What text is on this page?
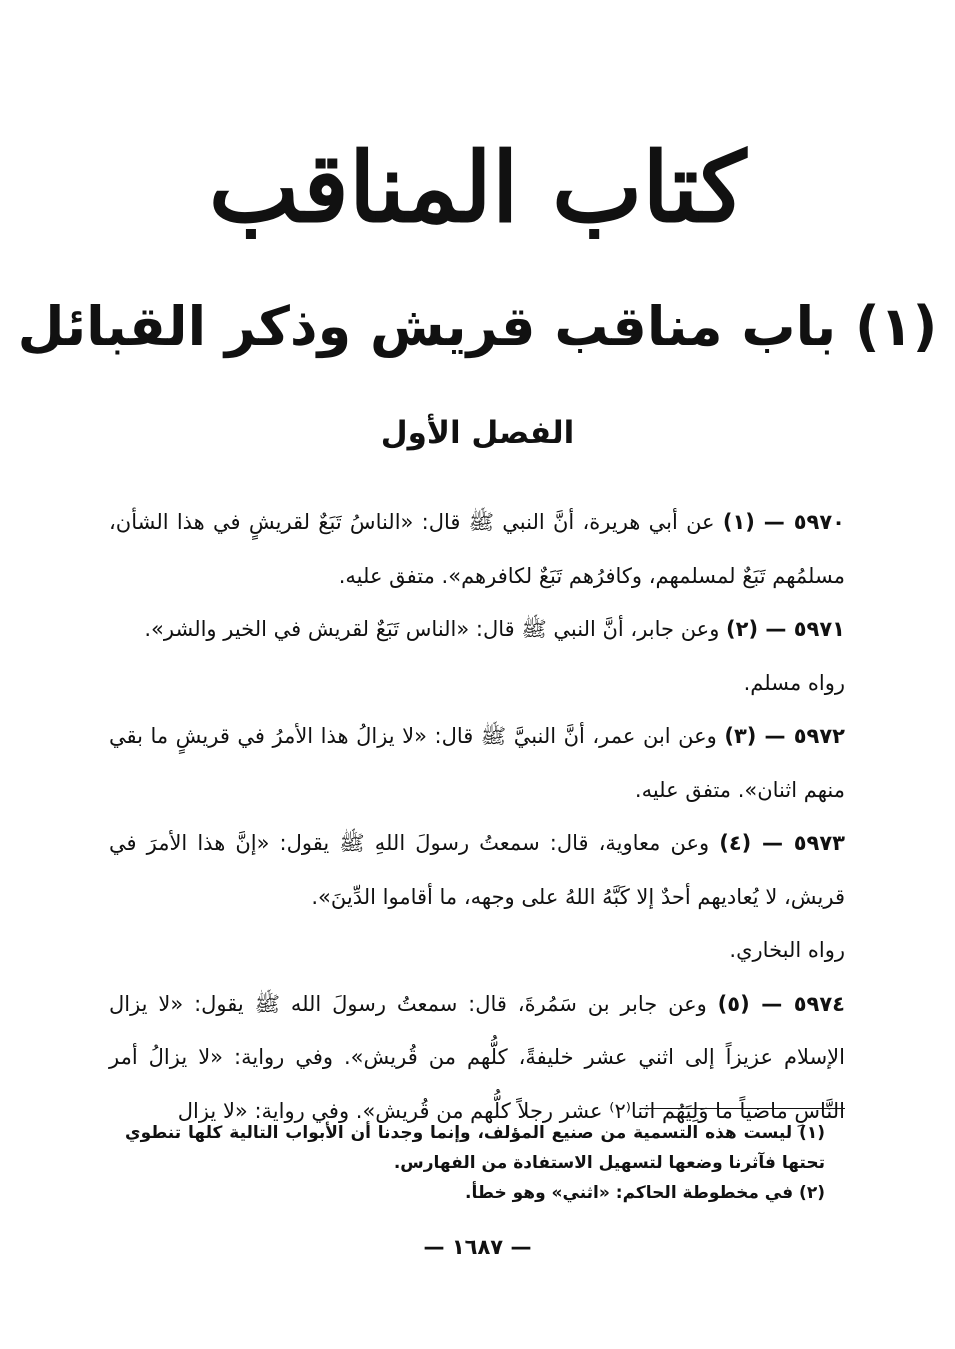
كتاب المناقب
(١) باب مناقب قريش وذكر القبائل
الفصل الأول

٥٩٧٠ — (١) عن أبي هريرة، أنَّ النبي ﷺ قال: «الناسُ تَبَعٌ لقريشٍ في هذا الشأن، مسلمُهم تَبَعٌ لمسلمهم، وكافرُهم تَبَعٌ لكافرهم». متفق عليه.

٥٩٧١ — (٢) وعن جابر، أنَّ النبي ﷺ قال: «الناس تَبَعٌ لقريش في الخير والشر».

رواه مسلم.

٥٩٧٢ — (٣) وعن ابن عمر، أنَّ النبيَّ ﷺ قال: «لا يزالُ هذا الأمرُ في قريشٍ ما بقي منهم اثنان». متفق عليه.

٥٩٧٣ — (٤) وعن معاوية، قال: سمعتُ رسولَ اللهِ ﷺ يقول: «إنَّ هذا الأمرَ في قريش، لا يُعاديهم أحدٌ إلا كَبَّهُ اللهُ على وجهه، ما أقاموا الدِّينَ».

رواه البخاري.

٥٩٧٤ — (٥) وعن جابر بن سَمُرةَ، قال: سمعتُ رسولَ الله ﷺ يقول: «لا يزال الإسلام عزيزاً إلى اثني عشر خليفةً، كلُّهم من قُريش». وفي رواية: «لا يزالُ أمر النَّاسِ ماضياً ما وَلِيَهُم اثنا⁽٢⁾ عشر رجلاً كلُّهم من قُريش». وفي رواية: «لا يزال

(١) ليست هذه التسمية من صنيع المؤلف، وإنما وجدنا أن الأبواب التالية كلها تنطوي تحتها فآثرنا وضعها لتسهيل الاستفادة من الفهارس.

(٢) في مخطوطة الحاكم: «اثني» وهو خطأ.

— ١٦٨٧ —
